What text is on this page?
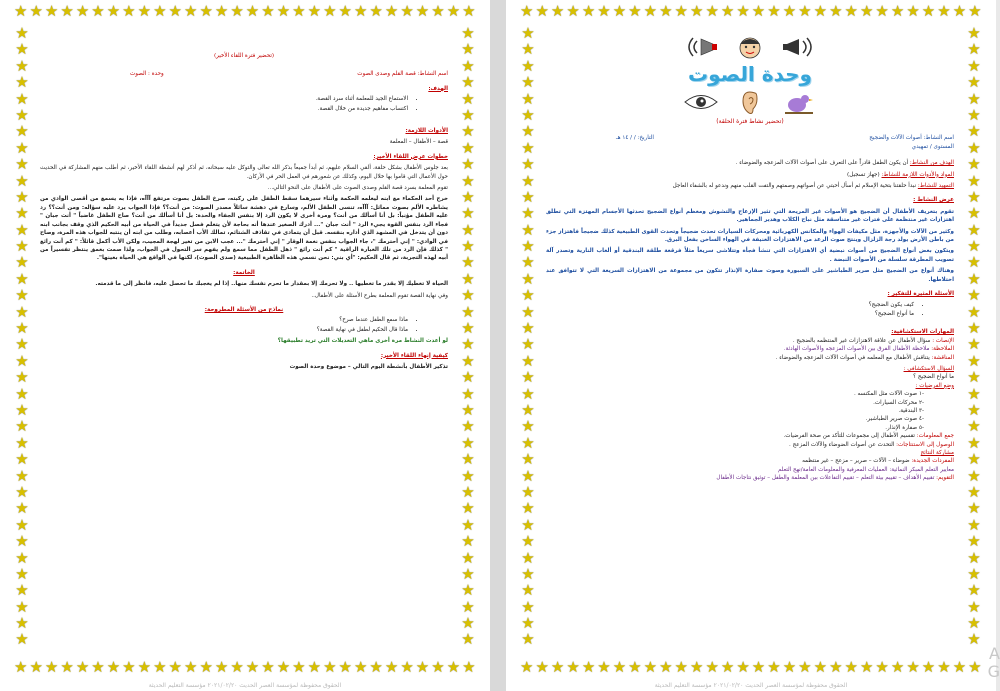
★ ★ ★ ★ ★ ★ ★ ★ ★ ★ ★ ★ ★ ★ ★ ★ ★ ★ ★ ★ ★ ★ ★ ★ ★ ★ ★ ★ ★ ★
★ ★ ★ ★ ★ ★ ★ ★ ★ ★ ★ ★ ★ ★ ★ ★ ★ ★ ★ ★ ★ ★ ★ ★ ★ ★ ★ ★ ★ ★
★
★
★
★
★
★
★
★
★
★
★
★
★
★
★
★
★
★
★
★
★
★
★
★
★
★
★
★
★
★
★
★
★
★
★
★
★
★
★
★
★
★
★
★
★
★
★
★
★
★
★
★
★
★
★
★
★
★
★
★
★
★
★
★
★
★
★
★
★
★
★
★
★
★
★
★
(تحضير فترة اللقاء الأخير)
اسم النشاط: قصة القلم وصدى الصوت
وحدة : الصوت
الهدف:
• الاستماع الجيد للمعلمة أثناء سرد القصة.
• اكتساب مفاهيم جديدة من خلال القصة.
الأدوات اللازمة:
قصة – الأطفال – المعلمة
خطوات عرض اللقاء الأخير:
بعد جلوس الأطفال بشكل حلقة، ألقي السلام عليهم، ثم أبدأ جميعاً بذكر الله تعالى والتوكل عليه سبحانه، ثم أذكر لهم أنشطة اللقاء الأخير، ثم أطلب منهم المشاركة في الحديث حول الأعمال التي قاموا بها خلال اليوم، وكذلك عن شعورهم في العمل الحر في الأركان.
تقوم المعلمة بسرد قصة القلم وصدى الصوت على الأطفال على النحو التالي...
خرج أحد الحكماء مع ابنه ليعلمه الحكمة وأثناء سيرهما سقط الطفل على ركبته، صرخ الطفل بصوت مرتفع آآآه، فإذا به يسمع من أقصى الوادي من يشاطره الألم بصوت مماثل: آآآه، تنسى الطفل الألم، وسارع في دهشة سائلاً مصدر الصوت: من أنت؟؟ فإذا الجواب يرد عليه سؤاله: ومن أنت؟؟ رد عليه الطفل مؤنباً: بل أنا أسألك من أنت؟ ومرة أخرى لا يكون الرد إلا بنفس الجفاء والحدة: بل أنا أسألك من أنت؟ صاح الطفل غاضباً " أنت جبان " فجاء الرد بنفس القوة يجيء الرد " أنت جبان "... أدرك الصغير عندها أنه بحاجة لأن يتعلم فصل جديداً في الحياة من أبيه الحكيم الذي وقف بجانب ابنه دون أن يتدخل في المشهد الذي أداره بنفسه. قبل أن يتمادى في تقاذف الشتائم، تمالك الأب أعصابه، وطلب من ابنه أن ينتبه للجواب هذه المرة، وصاح في الوادي: " إني أحترمك "، جاء الجواب بنفس نغمة الوقار " إني أحترمك "... عجب الابن من تغير لهجة المجيب، ولكن الأب أكمل قائلاً: " كم أنت رائع " كذلك فإن الرد من تلك العبارة الراقية " كم أنت رائع " ذهل الطفل مما سمع ولم يفهم سر التحول في الجواب، ولذا صمت بعمق ينتظر تفسيراً من أبيه لهذه التجربة، ثم قال الحكيم: "أي بني: نحن نسمي هذه الظاهرة الطبيعية (صدى الصوت)، لكنها في الواقع هي الحياة بعينها".
الخاتمة:
الحياة لا تعطيك إلا بقدر ما تعطيها .. ولا تحرمك إلا بمقدار ما تحرم نفسك منها.. إذا لم يعجبك ما تحصل عليه، فانظر إلى ما قدمته.
وفي نهاية القصة تقوم المعلمة بطرح الأسئلة على الأطفال..
نماذج من الأسئلة المطروحة:
• ماذا سمع الطفل عندما صرخ؟
• ماذا قال الحكيم لطفل في نهاية القصة؟
لو أعدت النشاط مرة أخرى ماهي التعديلات التي تريد تطبيقها؟
كيفية إنهاء اللقاء الأخير:
تذكير الأطفال بأنشطة اليوم التالي – موضوع وحدة الصوت
الحقوق محفوظة لمؤسسة العصر الحديث ٢٠٢١/٠٢/٢٠ مؤسسة التعليم الحديثة
★ ★ ★ ★ ★ ★ ★ ★ ★ ★ ★ ★ ★ ★ ★ ★ ★ ★ ★ ★ ★ ★ ★ ★ ★ ★ ★ ★ ★ ★
★ ★ ★ ★ ★ ★ ★ ★ ★ ★ ★ ★ ★ ★ ★ ★ ★ ★ ★ ★ ★ ★ ★ ★ ★ ★ ★ ★ ★ ★
★
★
★
★
★
★
★
★
★
★
★
★
★
★
★
★
★
★
★
★
★
★
★
★
★
★
★
★
★
★
★
★
★
★
★
★
★
★
★
★
★
★
★
★
★
★
★
★
★
★
★
★
★
★
★
★
★
★
★
★
★
★
★
★
★
★
★
★
★
★
★
★
★
★
★
★
وحدة الصوت
(تحضير نشاط فترة الحلقة)
اسم النشاط: أصوات الآلات والضجيج
التاريخ: / / ١٤ هـ
المستوى / تمهيدي
الهدف من النشاط: أن يكون الطفل قادراً على التعرف على أصوات الآلات المزعجه والضوضاء .
المواد والأدوات اللازمة للنشاط: (جهاز تسجيل)
التمهيد للنشاط: نبدأ حلقتنا بتحية الإسلام ثم أسأل أحبتي عن أصواتهم وصمتهم والتفت القلب منهم وندعو له بالشفاء العاجل
عرض النشاط :
تقوم بتعريف الأطفال أن الضجيج هو الأصوات غير المريحة التي تثير الإزعاج والتشوش ومعظم أنواع الضجيج تحدثها الأجسام المهتزة التي تطلق اهتزازات غير منتظمة على فترات غير متناسقة مثل نباح الكلاب وهدير الجماهير.
وكثير من الآلات والأجهزة، مثل مكيفات الهواء والمكانس الكهربائية ومحركات السيارات تحدث ضجيجاً وتحدث القوى الطبيعية كذلك ضجيجاً فاهتزاز جزء من باطن الأرض يولد رجة الزلزال وينتج صوت الرعد من الاهتزازات العنيفة في الهواء الساخن بفعل البرق.
ويتكون بعض أنواع الضجيج من أصوات نبضية أي الاهتزازات التي تنشأ فجأة وتتلاشى سريعاً مثلاً فرقعة طلقة البندقية أو ألعاب النارية وتصدر آلة تصويب المطرقة سلسلة من الأصوات النبضة .
وهناك أنواع من الضجيج مثل صرير الطباشير على السبورة وصوت صفارة الإنذار تتكون من مجموعة من الاهتزازات السريعة التي لا تتوافق عند اختلاطها.
الأسئلة المثيرة للتفكير :
• كيف يكون الضجيج؟
• ما أنواع الضجيج؟
المهارات الاستكشافية:
الإنصات : سؤال الأطفال عن علاقة الاهتزازات غير المنتظمه بالضجيج .
الملاحظة: ملاحظة الأطفال الفرق بين الأصوات المزعجه والأصوات الهادئة.
المناقشة: يتناقش الأطفال مع المعلمه في أصوات الآلات المزعجه والضوضاء .
السؤال الاستكشافي :
ما أنواع الضجيج ؟
وضع الفرضيات :
-١ صوت الآلات مثل المكنسه .
-٢ محركات السيارات.
-٣ البندقية.
-٤ صوت صرير الطباشير.
-٥ صفارة الإنذار.
جمع المعلومات: تقسيم الأطفال إلى مجموعات للتأكد من صحة الفرضيات.
الوصول إلى الاستنتاجات: التحدث عن أصوات الضوضاء والآلات المزعج .
مشاركة النتائج
المفردات الجديدة: ضوضاء – الآلات – صرير – مزعج – غير منتظمه
معايير التعلم المبكر النمائية: العمليات المعرفية والمعلومات العامة/نهج التعلم
التقويم: تقييم الأهداف – تقييم بيئة التعلم – تقييم التفاعلات بين المعلمة والطفل – توثيق نتاجات الأطفال
الحقوق محفوظة لمؤسسة العصر الحديث ٢٠٢١/٠٢/٢٠ مؤسسة التعليم الحديثة
A
G
